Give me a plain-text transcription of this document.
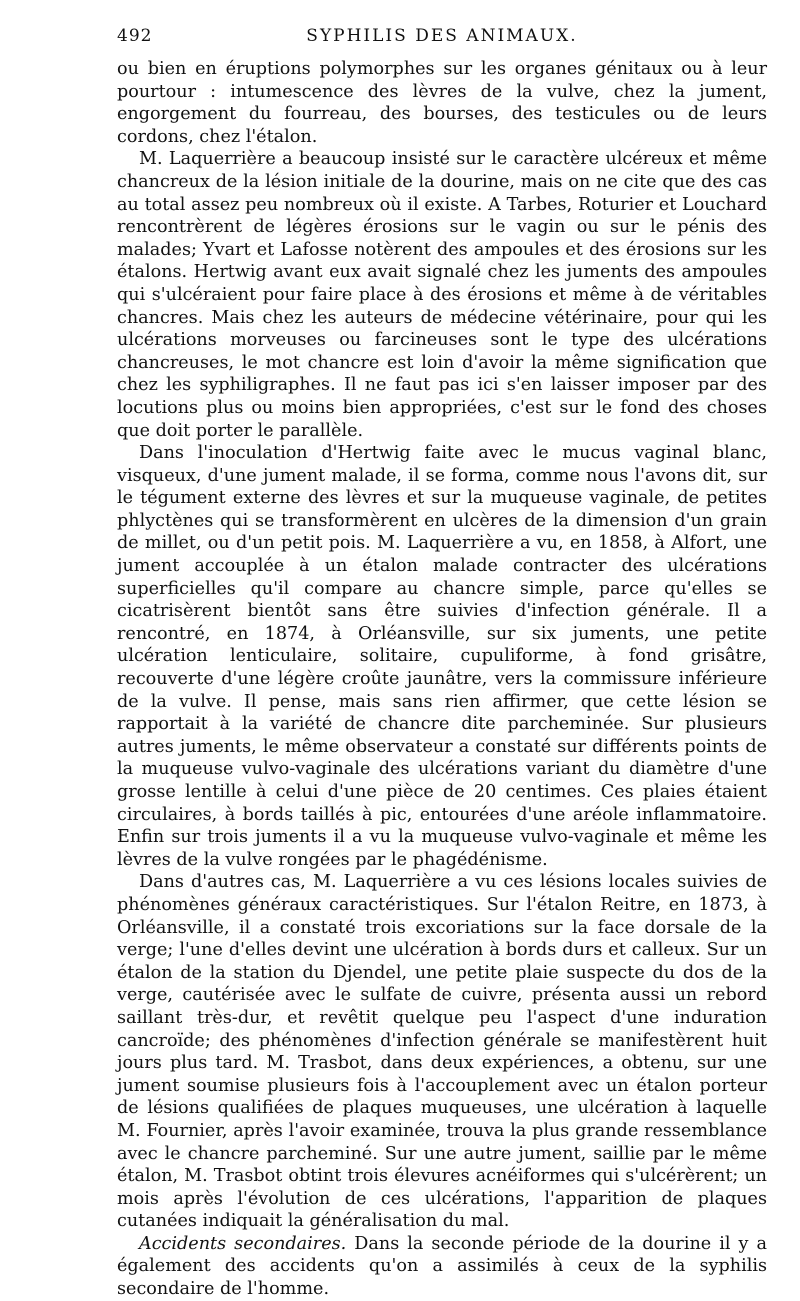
492	SYPHILIS DES ANIMAUX.

ou bien en éruptions polymorphes sur les organes génitaux ou à leur pourtour : intumescence des lèvres de la vulve, chez la jument, engorgement du fourreau, des bourses, des testicules ou de leurs cordons, chez l'étalon.

M. Laquerrière a beaucoup insisté sur le caractère ulcéreux et même chancreux de la lésion initiale de la dourine, mais on ne cite que des cas au total assez peu nombreux où il existe. A Tarbes, Roturier et Louchard rencontrèrent de légères érosions sur le vagin ou sur le pénis des malades; Yvart et Lafosse notèrent des ampoules et des érosions sur les étalons. Hertwig avant eux avait signalé chez les juments des ampoules qui s'ulcéraient pour faire place à des érosions et même à de véritables chancres. Mais chez les auteurs de médecine vétérinaire, pour qui les ulcérations morveuses ou farcineuses sont le type des ulcérations chancreuses, le mot chancre est loin d'avoir la même signification que chez les syphiligraphes. Il ne faut pas ici s'en laisser imposer par des locutions plus ou moins bien appropriées, c'est sur le fond des choses que doit porter le parallèle.

Dans l'inoculation d'Hertwig faite avec le mucus vaginal blanc, visqueux, d'une jument malade, il se forma, comme nous l'avons dit, sur le tégument externe des lèvres et sur la muqueuse vaginale, de petites phlyctènes qui se transformèrent en ulcères de la dimension d'un grain de millet, ou d'un petit pois. M. Laquerrière a vu, en 1858, à Alfort, une jument accouplée à un étalon malade contracter des ulcérations superficielles qu'il compare au chancre simple, parce qu'elles se cicatrisèrent bientôt sans être suivies d'infection générale. Il a rencontré, en 1874, à Orléansville, sur six juments, une petite ulcération lenticulaire, solitaire, cupuliforme, à fond grisâtre, recouverte d'une légère croûte jaunâtre, vers la commissure inférieure de la vulve. Il pense, mais sans rien affirmer, que cette lésion se rapportait à la variété de chancre dite parcheminée. Sur plusieurs autres juments, le même observateur a constaté sur différents points de la muqueuse vulvo-vaginale des ulcérations variant du diamètre d'une grosse lentille à celui d'une pièce de 20 centimes. Ces plaies étaient circulaires, à bords taillés à pic, entourées d'une aréole inflammatoire. Enfin sur trois juments il a vu la muqueuse vulvo-vaginale et même les lèvres de la vulve rongées par le phagédénisme.

Dans d'autres cas, M. Laquerrière a vu ces lésions locales suivies de phénomènes généraux caractéristiques. Sur l'étalon Reitre, en 1873, à Orléansville, il a constaté trois excoriations sur la face dorsale de la verge; l'une d'elles devint une ulcération à bords durs et calleux. Sur un étalon de la station du Djendel, une petite plaie suspecte du dos de la verge, cautérisée avec le sulfate de cuivre, présenta aussi un rebord saillant très-dur, et revêtit quelque peu l'aspect d'une induration cancroïde; des phénomènes d'infection générale se manifestèrent huit jours plus tard. M. Trasbot, dans deux expériences, a obtenu, sur une jument soumise plusieurs fois à l'accouplement avec un étalon porteur de lésions qualifiées de plaques muqueuses, une ulcération à laquelle M. Fournier, après l'avoir examinée, trouva la plus grande ressemblance avec le chancre parcheminé. Sur une autre jument, saillie par le même étalon, M. Trasbot obtint trois élevures acnéiformes qui s'ulcérèrent; un mois après l'évolution de ces ulcérations, l'apparition de plaques cutanées indiquait la généralisation du mal.

Accidents secondaires. Dans la seconde période de la dourine il y a également des accidents qu'on a assimilés à ceux de la syphilis secondaire de l'homme.
